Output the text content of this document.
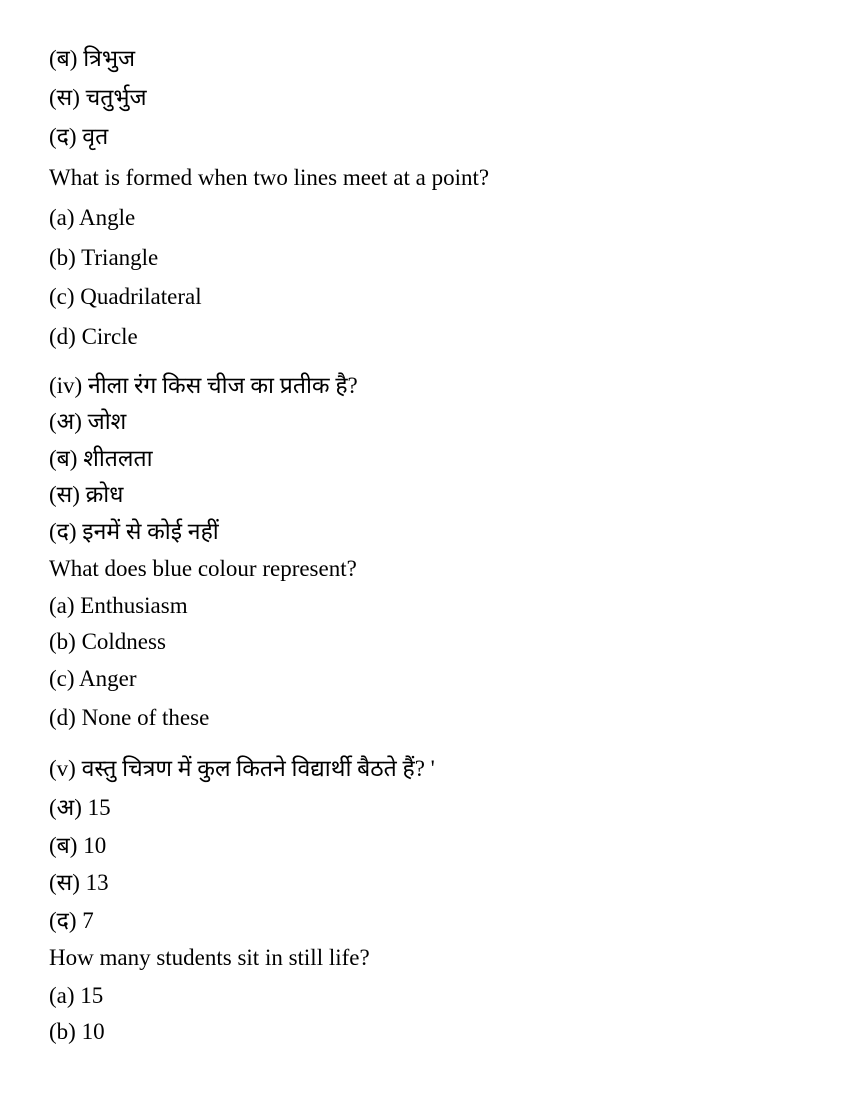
(ब) त्रिभुज
(स) चतुर्भुज
(द) वृत
What is formed when two lines meet at a point?
(a) Angle
(b) Triangle
(c) Quadrilateral
(d) Circle
(iv) नीला रंग किस चीज का प्रतीक है?
(अ) जोश
(ब) शीतलता
(स) क्रोध
(द) इनमें से कोई नहीं
What does blue colour represent?
(a) Enthusiasm
(b) Coldness
(c) Anger
(d) None of these
(v) वस्तु चित्रण में कुल कितने विद्यार्थी बैठते हैं? '
(अ) 15
(ब) 10
(स) 13
(द) 7
How many students sit in still life?
(a) 15
(b) 10
